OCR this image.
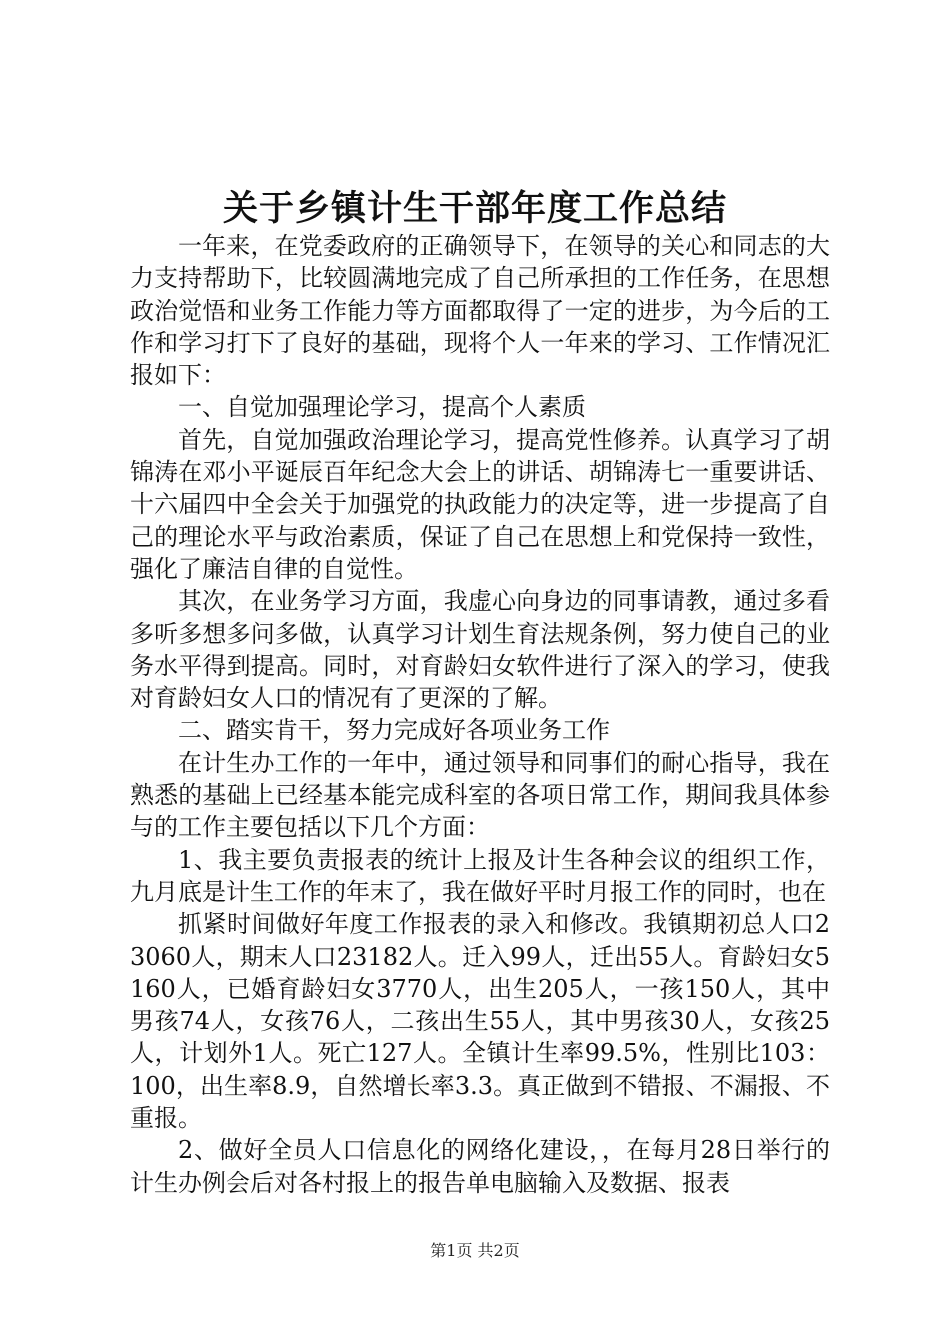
关于乡镇计生干部年度工作总结

一年来，在党委政府的正确领导下，在领导的关心和同志的大力支持帮助下，比较圆满地完成了自己所承担的工作任务，在思想政治觉悟和业务工作能力等方面都取得了一定的进步，为今后的工作和学习打下了良好的基础，现将个人一年来的学习、工作情况汇报如下：

一、自觉加强理论学习，提高个人素质

首先，自觉加强政治理论学习，提高党性修养。认真学习了胡锦涛在邓小平诞辰百年纪念大会上的讲话、胡锦涛七一重要讲话、十六届四中全会关于加强党的执政能力的决定等，进一步提高了自己的理论水平与政治素质，保证了自己在思想上和党保持一致性，强化了廉洁自律的自觉性。

其次，在业务学习方面，我虚心向身边的同事请教，通过多看多听多想多问多做，认真学习计划生育法规条例，努力使自己的业务水平得到提高。同时，对育龄妇女软件进行了深入的学习，使我对育龄妇女人口的情况有了更深的了解。

二、踏实肯干，努力完成好各项业务工作

在计生办工作的一年中，通过领导和同事们的耐心指导，我在熟悉的基础上已经基本能完成科室的各项日常工作，期间我具体参与的工作主要包括以下几个方面：

1、我主要负责报表的统计上报及计生各种会议的组织工作，九月底是计生工作的年末了，我在做好平时月报工作的同时，也在

抓紧时间做好年度工作报表的录入和修改。我镇期初总人口23060人，期末人口23182人。迁入99人，迁出55人。育龄妇女5160人，已婚育龄妇女3770人，出生205人，一孩150人，其中男孩74人，女孩76人，二孩出生55人，其中男孩30人，女孩25人，计划外1人。死亡127人。全镇计生率99.5%，性别比103：100，出生率8.9，自然增长率3.3。真正做到不错报、不漏报、不重报。

2、做好全员人口信息化的网络化建设，，在每月28日举行的计生办例会后对各村报上的报告单电脑输入及数据、报表

第1页 共2页
